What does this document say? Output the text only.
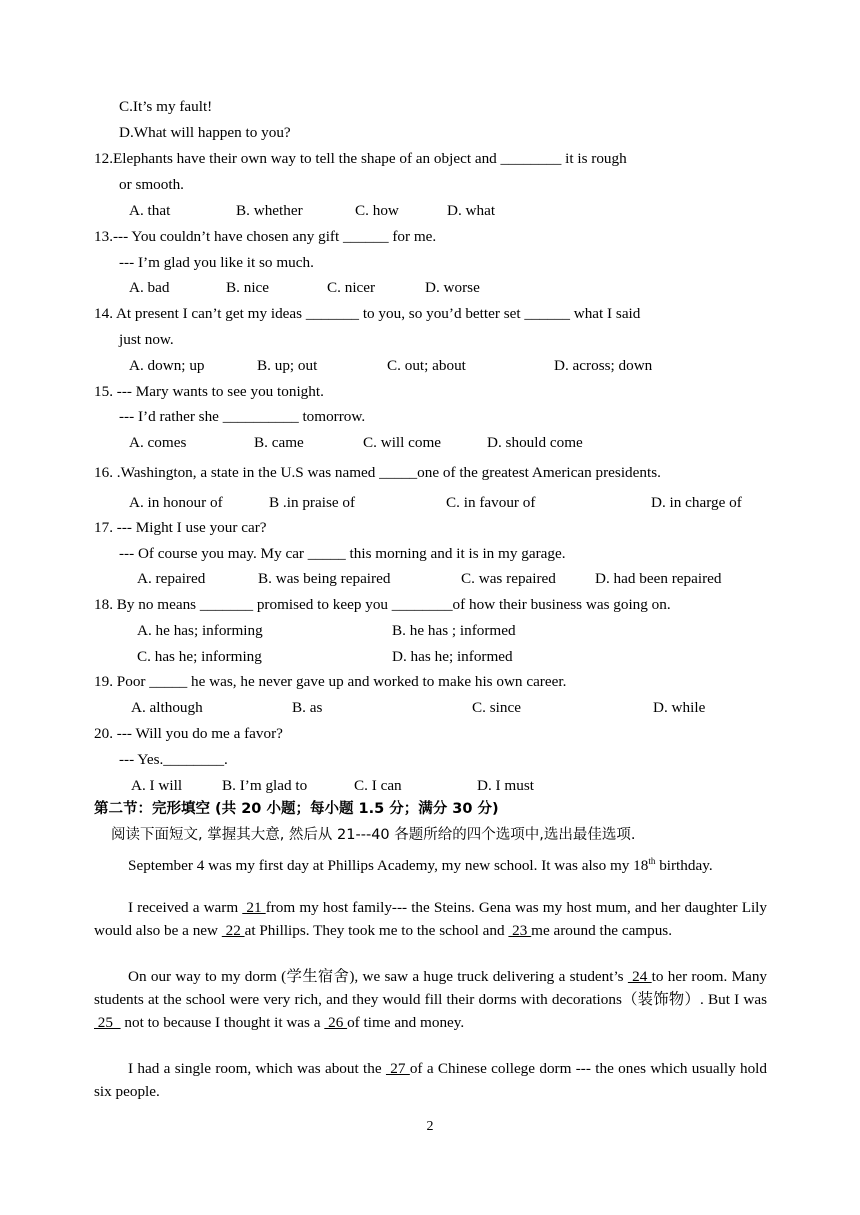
C.It’s my fault!
D.What will happen to you?
12.Elephants have their own way to tell the shape of an object and ________ it is rough
or smooth.
A. that	B. whether	C. how	D. what
13.--- You couldn’t have chosen any gift ______ for me.
--- I’m glad you like it so much.
A. bad	B. nice	C. nicer	D. worse
14. At present I can’t get my ideas _______ to you, so you’d better set ______ what I said
just now.
A. down; up	B. up; out	C. out; about	D. across; down
15. --- Mary wants to see you tonight.
--- I’d rather she __________ tomorrow.
A. comes	B. came	C. will come	D. should come
16. .Washington, a state in the U.S was named _____one of the greatest American presidents.
A. in honour of	B .in praise of	C. in favour of	D. in charge of
17. --- Might I use your car?
--- Of course you may. My car _____ this morning and it is in my garage.
A. repaired	B. was being repaired	C. was repaired	D. had been repaired
18. By no means _______ promised to keep you ________of how their business was going on.
A. he has; informing	B. he has ; informed
C. has he; informing	D. has he; informed
19. Poor _____ he was, he never gave up and worked to make his own career.
A. although	B. as	C. since	D. while
20. --- Will you do me a favor?
--- Yes.________.
A. I will	B. I’m glad to	C. I can	D. I must
第二节：完形填空 (共 20 小题；每小题 1.5 分；满分 30 分)
阅读下面短文, 掌握其大意, 然后从 21---40 各题所给的四个选项中,选出最佳选项.
September 4 was my first day at Phillips Academy, my new school. It was also my 18th birthday.
I received a warm  21 from my host family--- the Steins. Gena was my host mum, and her daughter Lily would also be a new  22 at Phillips. They took me to the school and  23 me around the campus.
On our way to my dorm (学生宿舍), we saw a huge truck delivering a student’s  24 to her room. Many students at the school were very rich, and they would fill their dorms with decorations（装饰物）. But I was  25   not to because I thought it was a  26 of time and money.
I had a single room, which was about the  27 of a Chinese college dorm --- the ones which usually hold six people.
2
